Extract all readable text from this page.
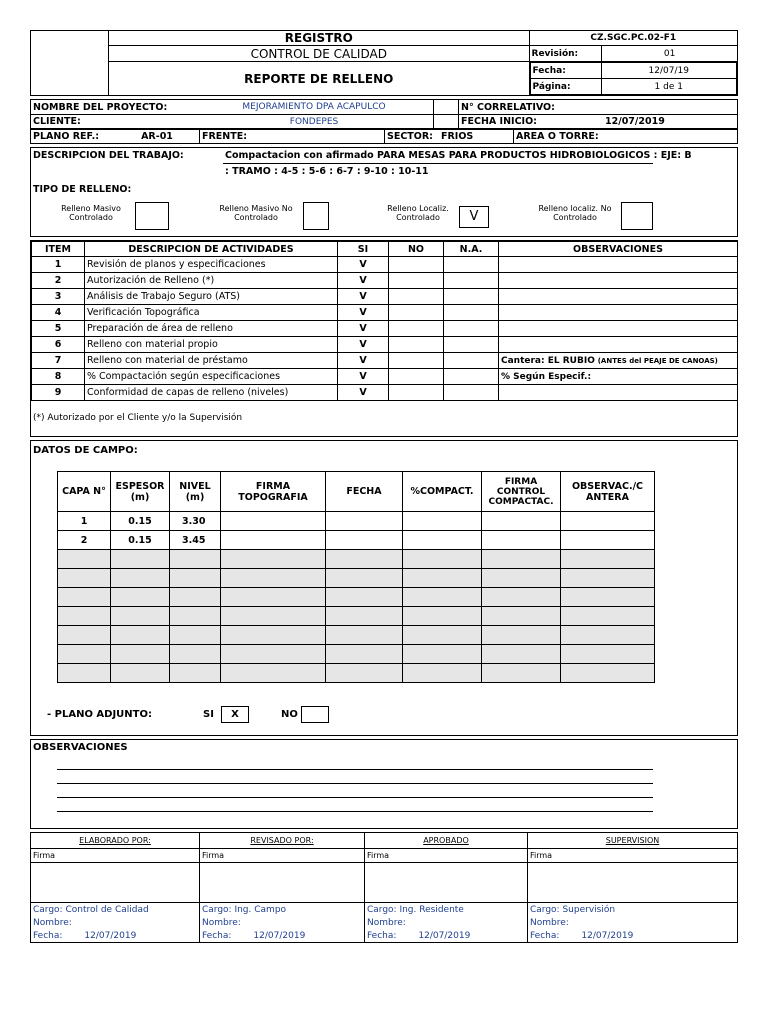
	REGISTRO	CZ.SGC.PC.02-F1
CONTROL DE CALIDAD	Revisión:	01
REPORTE DE RELLENO	
Fecha:	12/07/19
Página:	1 de 1
NOMBRE DEL PROYECTO:	MEJORAMIENTO DPA ACAPULCO		N° CORRELATIVO:	
CLIENTE:	FONDEPES		FECHA INICIO:	12/07/2019
PLANO REF.:	AR-01	FRENTE:	SECTOR:	FRIOS	AREA O TORRE:
DESCRIPCION DEL TRABAJO:	Compactacion con afirmado PARA MESAS PARA PRODUCTOS HIDROBIOLOGICOS : EJE: B
: TRAMO : 4-5 : 5-6 : 6-7 : 9-10 : 10-11
TIPO DE RELLENO:
Relleno Masivo
Controlado
Relleno Masivo No
Controlado
Relleno Localiz.
Controlado	V
Relleno localiz. No
Controlado
ITEM	DESCRIPCION DE ACTIVIDADES	SI	NO	N.A.	OBSERVACIONES
1	Revisión de planos y especificaciones	V			
2	Autorización de Relleno (*)	V			
3	Análisis de Trabajo Seguro (ATS)	V			
4	Verificación Topográfica	V			
5	Preparación de área de relleno	V			
6	Relleno con material propio	V			
7	Relleno con material de préstamo	V			Cantera: EL RUBIO (ANTES del PEAJE DE CANOAS)
8	% Compactación según especificaciones	V			% Según Especif.:
9	Conformidad de capas de relleno (niveles)	V			
(*) Autorizado por el Cliente y/o la Supervisión
DATOS DE CAMPO:
CAPA N°	ESPESOR (m)	NIVEL (m)	FIRMA TOPOGRAFIA	FECHA	%COMPACT.	FIRMA CONTROL COMPACTAC.	OBSERVAC./C ANTERA
1	0.15	3.30					
2	0.15	3.45					

- PLANO ADJUNTO:	SI	X	NO
OBSERVACIONES
ELABORADO POR:	REVISADO POR:	APROBADO	SUPERVISION
Firma	Firma	Firma	Firma

Cargo: Control de Calidad	Cargo: Ing. Campo	Cargo: Ing. Residente	Cargo: Supervisión
Nombre:	Nombre:	Nombre:	Nombre:
Fecha: 12/07/2019	Fecha: 12/07/2019	Fecha: 12/07/2019	Fecha: 12/07/2019
